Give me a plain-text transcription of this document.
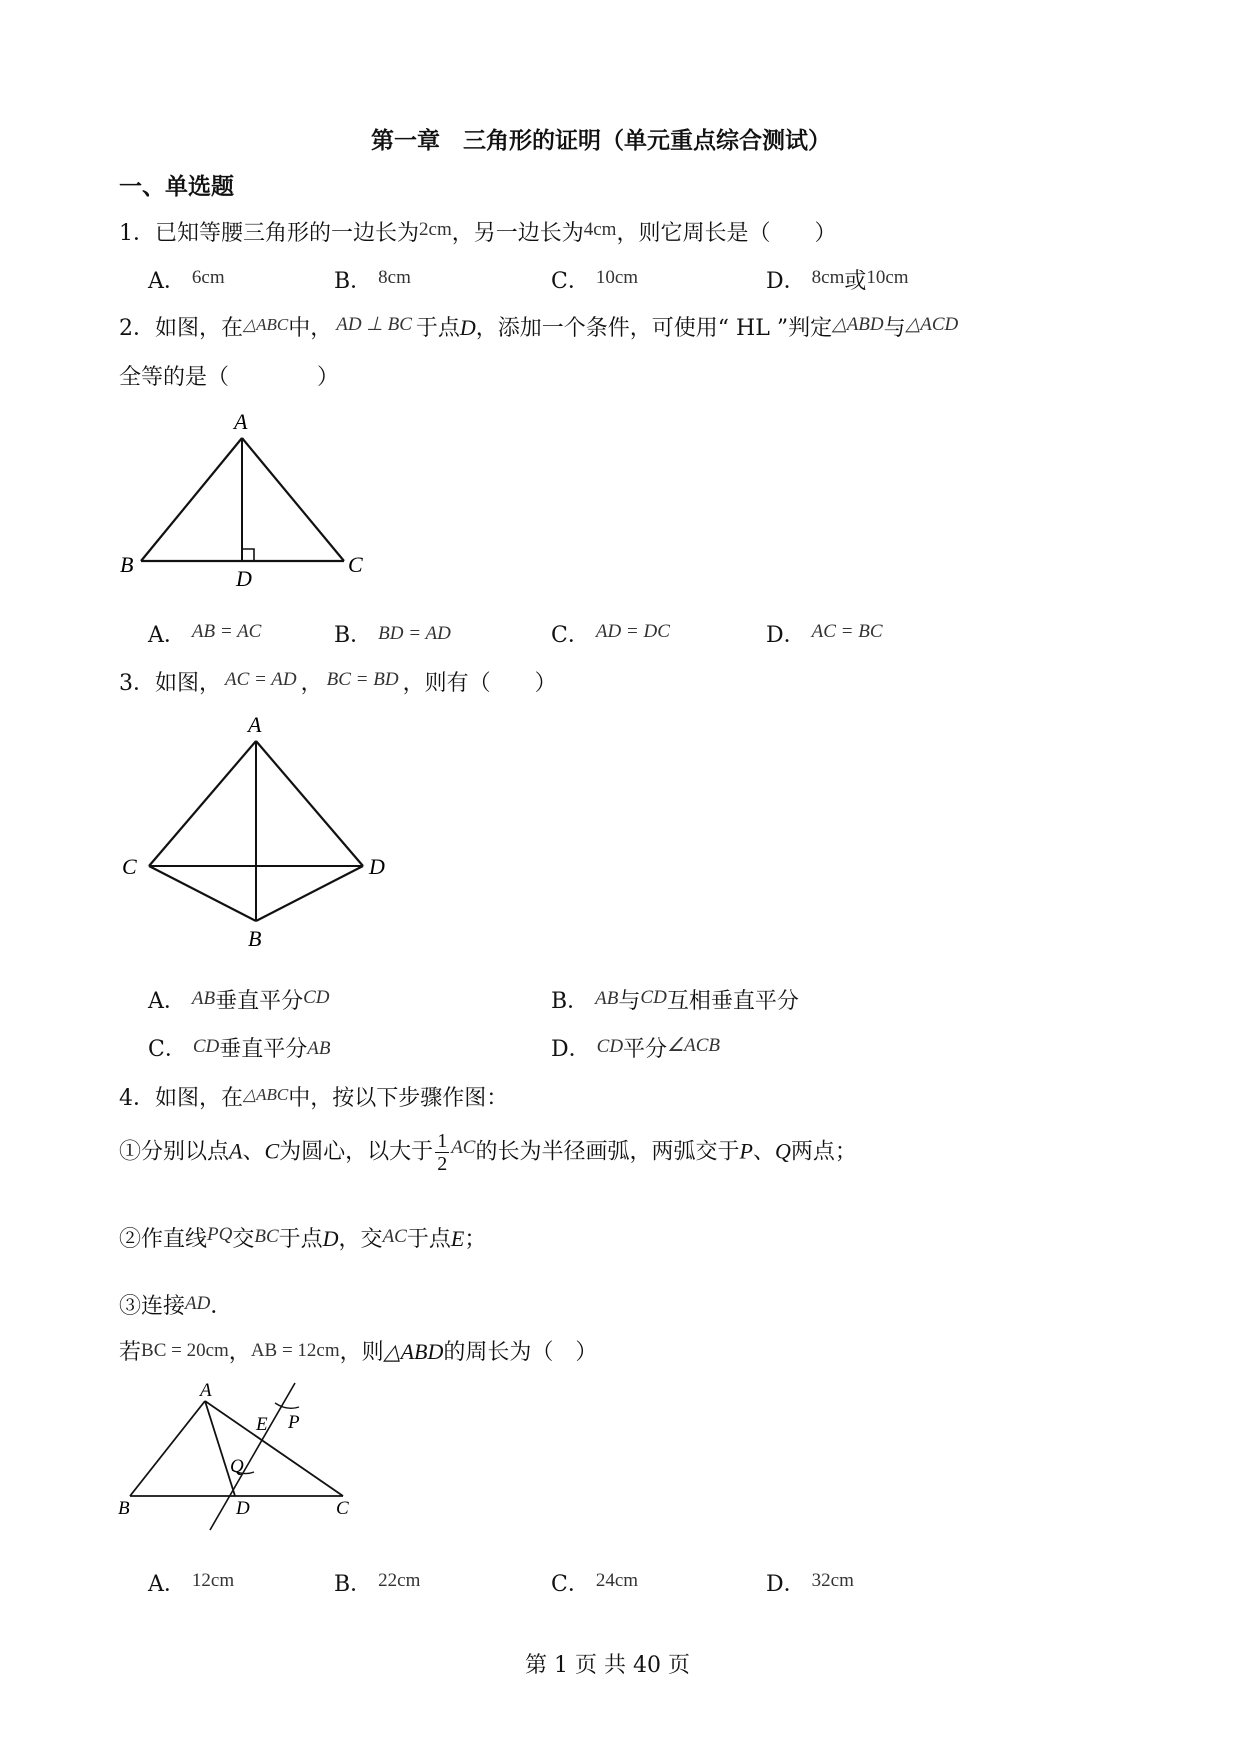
第一章　三角形的证明（单元重点综合测试）
一、单选题
1．已知等腰三角形的一边长为2cm，另一边长为4cm，则它周长是（　　）
A． 6cm	B． 8cm	C． 10cm	D． 8cm或10cm
2．如图，在$^{\triangle ABC}$中， AD ⊥ BC 于点D，添加一个条件，可使用“ HL ”判定△ABD与△ACD
全等的是（　　　　）
A
B	C
D
A． AB = AC	B． BD = AD	C． AD = DC	D． AC = BC
3．如图， AC = AD ， BC = BD ，则有（　　）
A
C	D
B
A． AB垂直平分CD	B． AB与CD互相垂直平分
C． CD垂直平分AB	D． CD平分∠ACB
4．如图，在$^{\triangle ABC}$中，按以下步骤作图：
①分别以点A、C为圆心，以大于 $\frac{1}{2}$ AC的长为半径画弧，两弧交于P、Q两点；
②作直线PQ交BC于点D，交AC于点E；
③连接AD．
若BC = 20cm，AB = 12cm，则△ABD的周长为（　）
A
B	D	C
E P
Q
A． 12cm	B． 22cm	C． 24cm	D． 32cm
第 1 页 共 40 页
